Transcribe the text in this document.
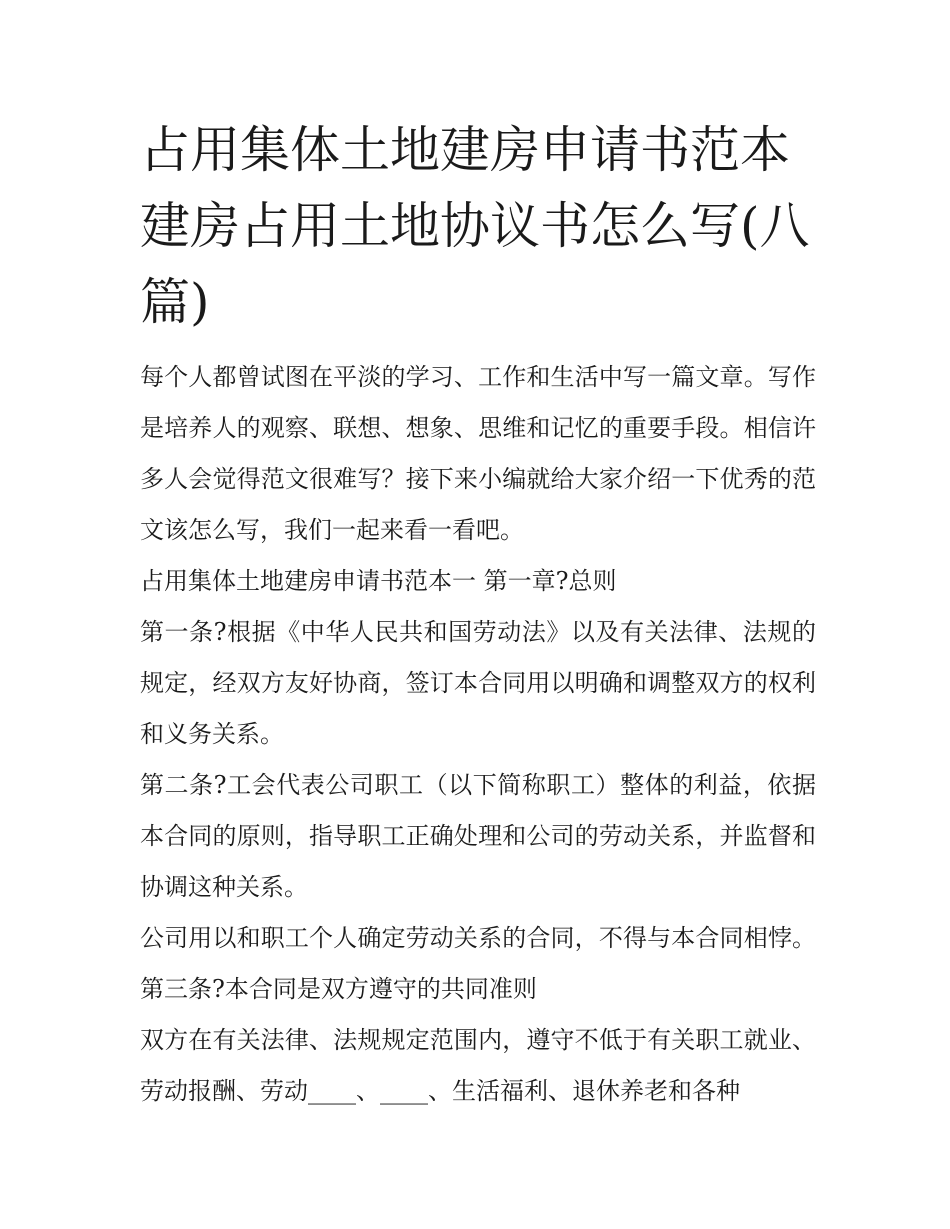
占用集体土地建房申请书范本 建房占用土地协议书怎么写(八篇)

每个人都曾试图在平淡的学习、工作和生活中写一篇文章。写作是培养人的观察、联想、想象、思维和记忆的重要手段。相信许多人会觉得范文很难写？接下来小编就给大家介绍一下优秀的范文该怎么写，我们一起来看一看吧。

占用集体土地建房申请书范本一 第一章?总则

第一条?根据《中华人民共和国劳动法》以及有关法律、法规的规定，经双方友好协商，签订本合同用以明确和调整双方的权利和义务关系。

第二条?工会代表公司职工（以下简称职工）整体的利益，依据本合同的原则，指导职工正确处理和公司的劳动关系，并监督和协调这种关系。

公司用以和职工个人确定劳动关系的合同，不得与本合同相悖。 第三条?本合同是双方遵守的共同准则

双方在有关法律、法规规定范围内，遵守不低于有关职工就业、劳动报酬、劳动____、____、生活福利、退休养老和各种
